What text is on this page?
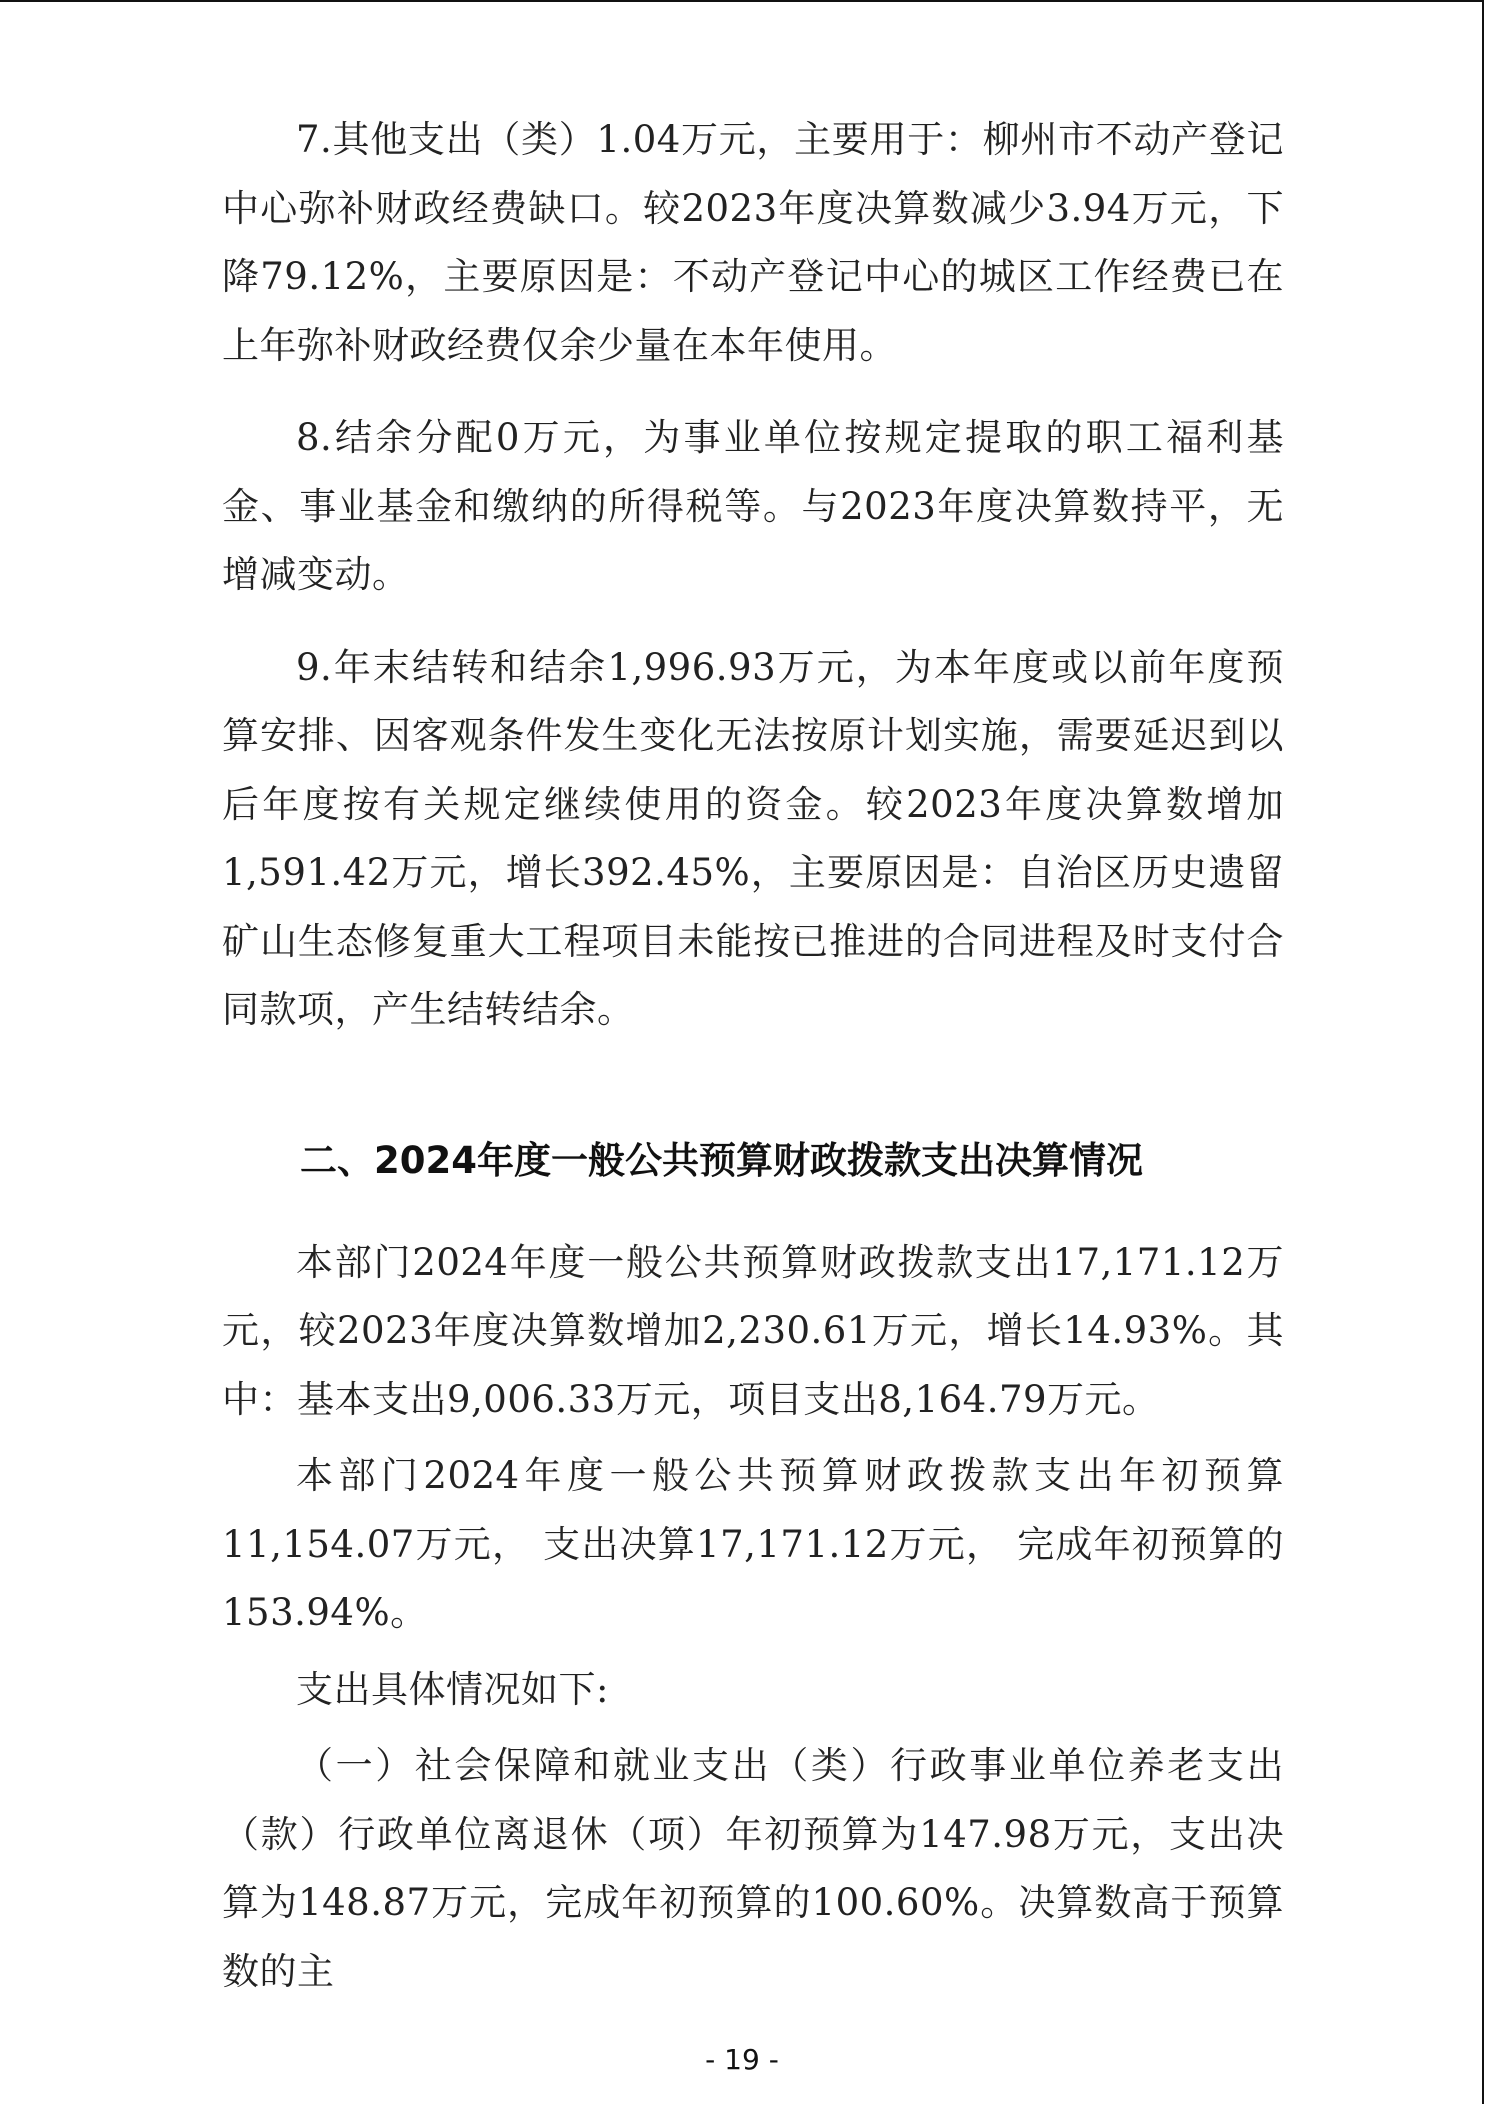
7.其他支出（类）1.04万元，主要用于：柳州市不动产登记中心弥补财政经费缺口。较2023年度决算数减少3.94万元，下降79.12%，主要原因是：不动产登记中心的城区工作经费已在上年弥补财政经费仅余少量在本年使用。

8.结余分配0万元，为事业单位按规定提取的职工福利基金、事业基金和缴纳的所得税等。与2023年度决算数持平，无增减变动。

9.年末结转和结余1,996.93万元，为本年度或以前年度预算安排、因客观条件发生变化无法按原计划实施，需要延迟到以后年度按有关规定继续使用的资金。较2023年度决算数增加1,591.42万元，增长392.45%，主要原因是：自治区历史遗留矿山生态修复重大工程项目未能按已推进的合同进程及时支付合同款项，产生结转结余。

二、2024年度一般公共预算财政拨款支出决算情况

本部门2024年度一般公共预算财政拨款支出17,171.12万元，较2023年度决算数增加2,230.61万元，增长14.93%。其中：基本支出9,006.33万元，项目支出8,164.79万元。

本部门2024年度一般公共预算财政拨款支出年初预算11,154.07万元， 支出决算17,171.12万元， 完成年初预算的153.94%。

支出具体情况如下:

（一）社会保障和就业支出（类）行政事业单位养老支出（款）行政单位离退休（项）年初预算为147.98万元，支出决算为148.87万元，完成年初预算的100.60%。决算数高于预算数的主

- 19 -
